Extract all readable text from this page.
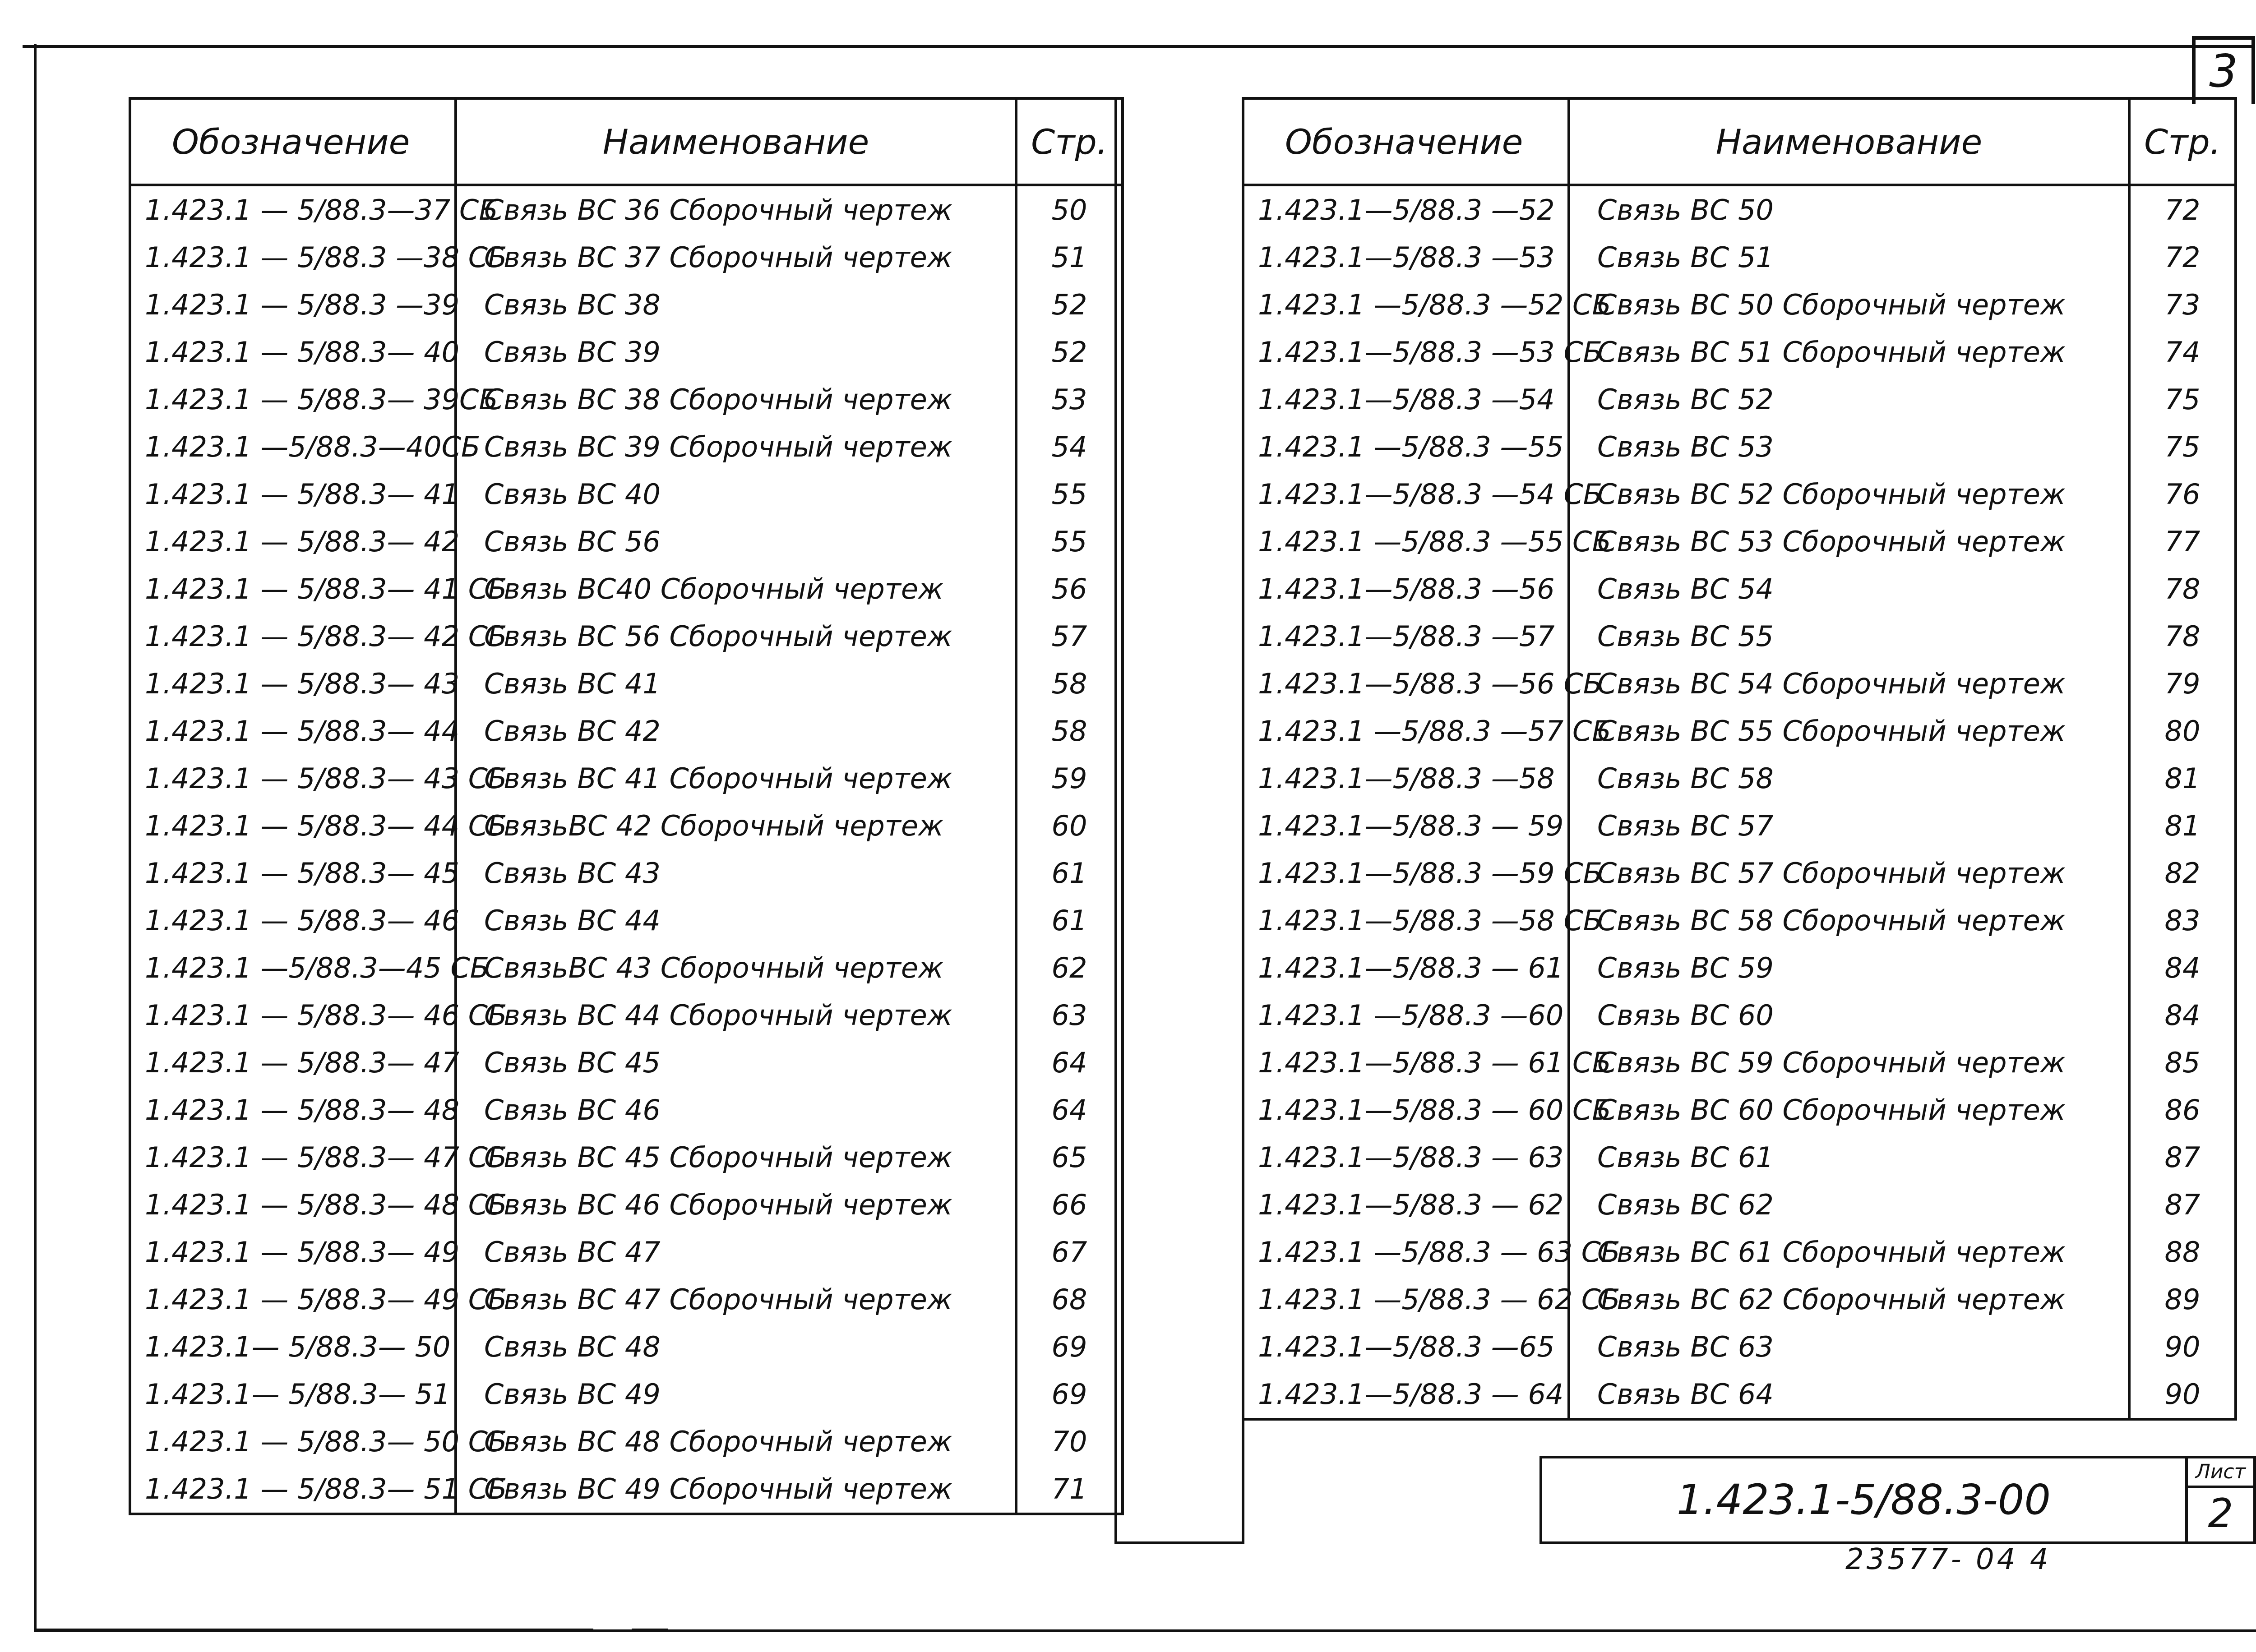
3
Обозначение	Наименование	Стр.
1.423.1 — 5/88.3—37 СБ	Связь ВС 36 Сборочный чертеж	50
1.423.1 — 5/88.3 —38 СБ	Связь ВС 37 Сборочный чертеж	51
1.423.1 — 5/88.3 —39	Связь ВС 38	52
1.423.1 — 5/88.3— 40	Связь ВС 39	52
1.423.1 — 5/88.3— 39СБ	Связь ВС 38 Сборочный чертеж	53
1.423.1 —5/88.3—40СБ	Связь ВС 39 Сборочный чертеж	54
1.423.1 — 5/88.3— 41	Связь ВС 40	55
1.423.1 — 5/88.3— 42	Связь ВС 56	55
1.423.1 — 5/88.3— 41 СБ	Связь ВС40 Сборочный чертеж	56
1.423.1 — 5/88.3— 42 СБ	Связь ВС 56 Сборочный чертеж	57
1.423.1 — 5/88.3— 43	Связь ВС 41	58
1.423.1 — 5/88.3— 44	Связь ВС 42	58
1.423.1 — 5/88.3— 43 СБ	Связь ВС 41 Сборочный чертеж	59
1.423.1 — 5/88.3— 44 СБ	СвязьВС 42 Сборочный чертеж	60
1.423.1 — 5/88.3— 45	Связь ВС 43	61
1.423.1 — 5/88.3— 46	Связь ВС 44	61
1.423.1 —5/88.3—45 СБ	СвязьВС 43 Сборочный чертеж	62
1.423.1 — 5/88.3— 46 СБ	Связь ВС 44 Сборочный чертеж	63
1.423.1 — 5/88.3— 47	Связь ВС 45	64
1.423.1 — 5/88.3— 48	Связь ВС 46	64
1.423.1 — 5/88.3— 47 СБ	Связь ВС 45 Сборочный чертеж	65
1.423.1 — 5/88.3— 48 СБ	Связь ВС 46 Сборочный чертеж	66
1.423.1 — 5/88.3— 49	Связь ВС 47	67
1.423.1 — 5/88.3— 49 СБ	Связь ВС 47 Сборочный чертеж	68
1.423.1— 5/88.3— 50	Связь ВС 48	69
1.423.1— 5/88.3— 51	Связь ВС 49	69
1.423.1 — 5/88.3— 50 СБ	Связь ВС 48 Сборочный чертеж	70
1.423.1 — 5/88.3— 51 СБ	Связь ВС 49 Сборочный чертеж	71
Обозначение	Наименование	Стр.
1.423.1—5/88.3 —52	Связь ВС 50	72
1.423.1—5/88.3 —53	Связь ВС 51	72
1.423.1 —5/88.3 —52 СБ	Связь ВС 50 Сборочный чертеж	73
1.423.1—5/88.3 —53 СБ	Связь ВС 51 Сборочный чертеж	74
1.423.1—5/88.3 —54	Связь ВС 52	75
1.423.1 —5/88.3 —55	Связь ВС 53	75
1.423.1—5/88.3 —54 СБ	Связь ВС 52 Сборочный чертеж	76
1.423.1 —5/88.3 —55 СБ	Связь ВС 53 Сборочный чертеж	77
1.423.1—5/88.3 —56	Связь ВС 54	78
1.423.1—5/88.3 —57	Связь ВС 55	78
1.423.1—5/88.3 —56 СБ	Связь ВС 54 Сборочный чертеж	79
1.423.1 —5/88.3 —57 СБ	Связь ВС 55 Сборочный чертеж	80
1.423.1—5/88.3 —58	Связь ВС 58	81
1.423.1—5/88.3 — 59	Связь ВС 57	81
1.423.1—5/88.3 —59 СБ	Связь ВС 57 Сборочный чертеж	82
1.423.1—5/88.3 —58 СБ	Связь ВС 58 Сборочный чертеж	83
1.423.1—5/88.3 — 61	Связь ВС 59	84
1.423.1 —5/88.3 —60	Связь ВС 60	84
1.423.1—5/88.3 — 61 СБ	Связь ВС 59 Сборочный чертеж	85
1.423.1—5/88.3 — 60 СБ	Связь ВС 60 Сборочный чертеж	86
1.423.1—5/88.3 — 63	Связь ВС 61	87
1.423.1—5/88.3 — 62	Связь ВС 62	87
1.423.1 —5/88.3 — 63 СБ	Связь ВС 61 Сборочный чертеж	88
1.423.1 —5/88.3 — 62 СБ	Связь ВС 62 Сборочный чертеж	89
1.423.1—5/88.3 —65	Связь ВС 63	90
1.423.1—5/88.3 — 64	Связь ВС 64	90
1.423.1-5/88.3-00
Лист
2
23577- 04 4
